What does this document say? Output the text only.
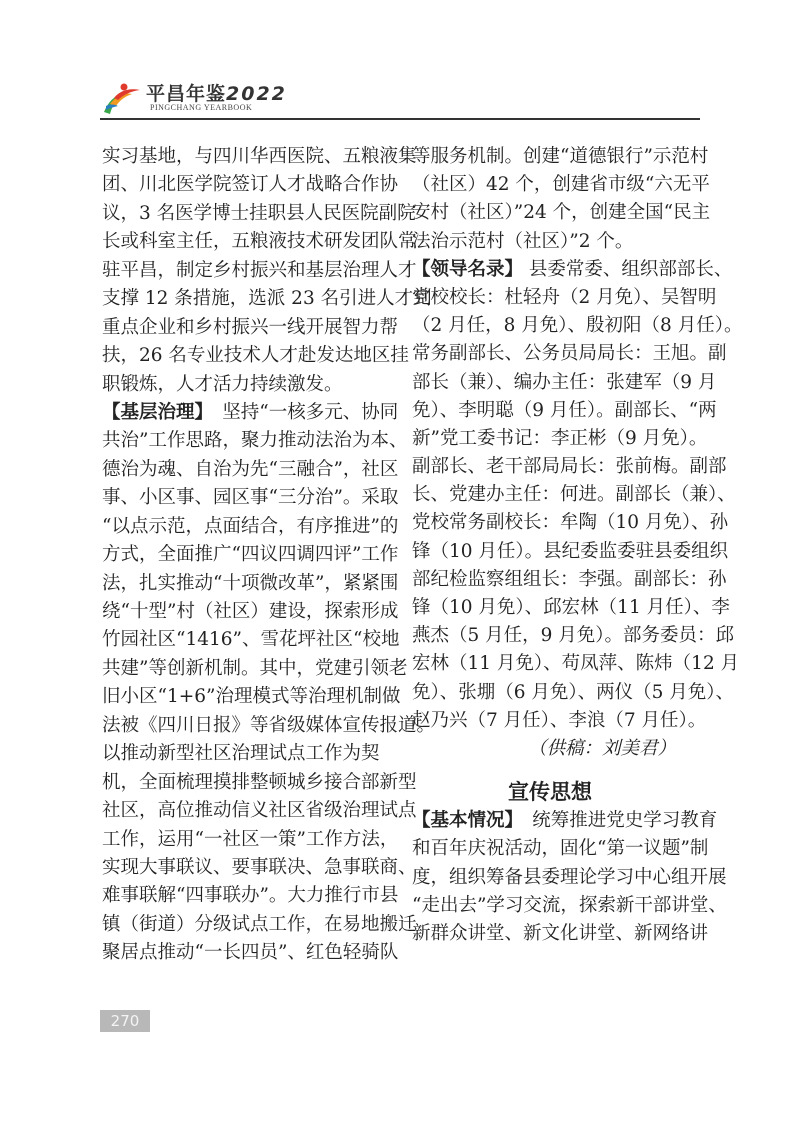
平昌年鉴2022
PINGCHANG YEARBOOK
实习基地，与四川华西医院、五粮液集
团、川北医学院签订人才战略合作协
议，3 名医学博士挂职县人民医院副院
长或科室主任，五粮液技术研发团队常
驻平昌，制定乡村振兴和基层治理人才
支撑 12 条措施，选派 23 名引进人才到
重点企业和乡村振兴一线开展智力帮
扶，26 名专业技术人才赴发达地区挂
职锻炼，人才活力持续激发。
【基层治理】　坚持“一核多元、协同
共治”工作思路，聚力推动法治为本、
德治为魂、自治为先“三融合”，社区
事、小区事、园区事“三分治”。采取
“以点示范，点面结合，有序推进”的
方式，全面推广“四议四调四评”工作
法，扎实推动“十项微改革”，紧紧围
绕“十型”村（社区）建设，探索形成
竹园社区“1416”、雪花坪社区“校地
共建”等创新机制。其中，党建引领老
旧小区“1+6”治理模式等治理机制做
法被《四川日报》等省级媒体宣传报道。
以推动新型社区治理试点工作为契
机，全面梳理摸排整顿城乡接合部新型
社区，高位推动信义社区省级治理试点
工作，运用“一社区一策”工作方法，
实现大事联议、要事联决、急事联商、
难事联解“四事联办”。大力推行市县
镇（街道）分级试点工作，在易地搬迁
聚居点推动“一长四员”、红色轻骑队
等服务机制。创建“道德银行”示范村
（社区）42 个，创建省市级“六无平
安村（社区）”24 个，创建全国“民主
法治示范村（社区）”2 个。
【领导名录】 县委常委、组织部部长、
党校校长：杜轻舟（2 月免）、吴智明
（2 月任，8 月免）、殷初阳（8 月任）。
常务副部长、公务员局局长：王旭。副
部长（兼）、编办主任：张建军（9 月
免）、李明聪（9 月任）。副部长、“两
新”党工委书记：李正彬（9 月免）。
副部长、老干部局局长：张前梅。副部
长、党建办主任：何进。副部长（兼）、
党校常务副校长：牟陶（10 月免）、孙
锋（10 月任）。县纪委监委驻县委组织
部纪检监察组组长：李强。副部长：孙
锋（10 月免）、邱宏林（11 月任）、李
燕杰（5 月任，9 月免）。部务委员：邱
宏林（11 月免）、苟凤萍、陈炜（12 月
免）、张堋（6 月免）、两仪（5 月免）、
赵乃兴（7 月任）、李浪（7 月任）。
（供稿：刘美君）
宣传思想
【基本情况】　统筹推进党史学习教育
和百年庆祝活动，固化“第一议题”制
度，组织筹备县委理论学习中心组开展
“走出去”学习交流，探索新干部讲堂、
新群众讲堂、新文化讲堂、新网络讲
270
